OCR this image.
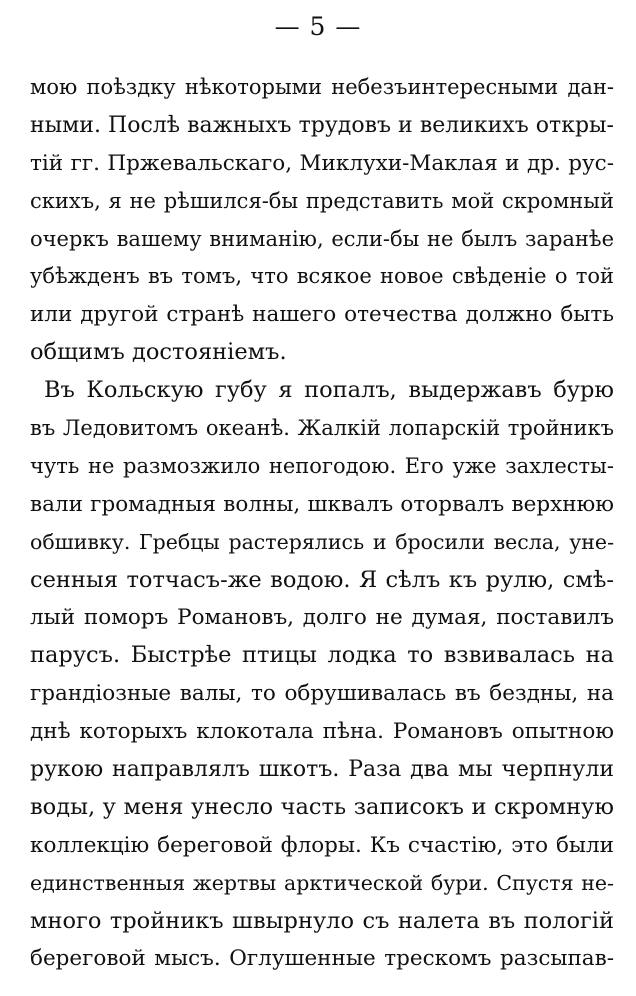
— 5 —
мою поѣздку нѣкоторыми небезъинтересными дан-
ными. Послѣ важныхъ трудовъ и великихъ откры-
тій гг. Пржевальскаго, Миклухи-Маклая и др. рус-
скихъ, я не рѣшился-бы представить мой скромный
очеркъ вашему вниманію, если-бы не былъ заранѣе
убѣжденъ въ томъ, что всякое новое свѣденіе о той
или другой странѣ нашего отечества должно быть
общимъ достояніемъ.
Въ Кольскую губу я попалъ, выдержавъ бурю
въ Ледовитомъ океанѣ. Жалкій лопарскій тройникъ
чуть не размозжило непогодою. Его уже захлесты-
вали громадныя волны, шквалъ оторвалъ верхнюю
обшивку. Гребцы растерялись и бросили весла, унe-
сенныя тотчасъ-же водою. Я сѣлъ къ рулю, смѣ-
лый поморъ Романовъ, долго не думая, поставилъ
парусъ. Быстрѣе птицы лодка то взвивалась на
грандіозные валы, то обрушивалась въ бездны, на
днѣ которыхъ клокотала пѣна. Романовъ опытною
рукою направлялъ шкотъ. Раза два мы черпнули
воды, у меня унесло часть записокъ и скромную
коллекцію береговой флоры. Къ счастію, это были
единственныя жертвы арктической бури. Спустя не-
много тройникъ швырнуло съ налета въ пологій
береговой мысъ. Оглушенные трескомъ разсыпав-
